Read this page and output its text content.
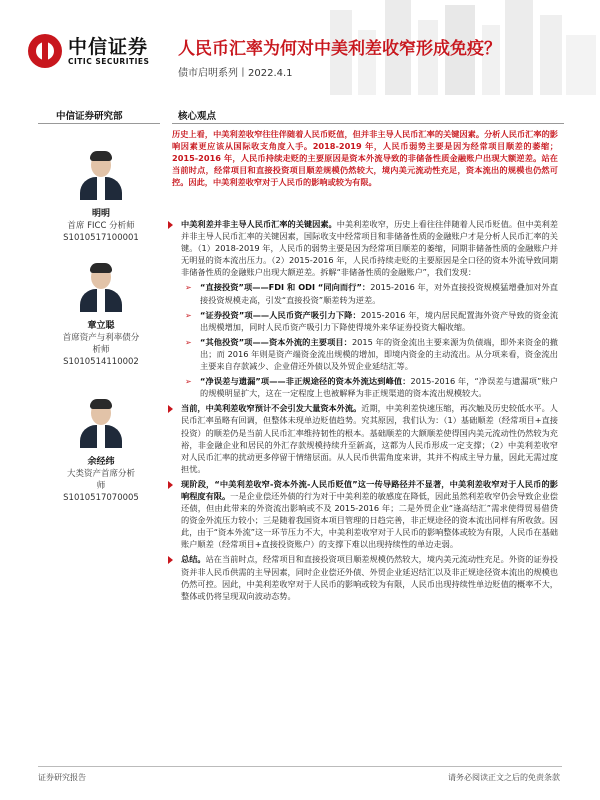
中信证券
CITIC SECURITIES
人民币汇率为何对中美利差收窄形成免疫？
债市启明系列丨2022.4.1
中信证券研究部	核心观点
明明
首席 FICC 分析师
S1010517100001
章立聪
首席资产与利率债分析师
S1010514110002
余经纬
大类资产首席分析师
S1010517070005
历史上看，中美利差收窄往往伴随着人民币贬值，但并非主导人民币汇率的关键因素。分析人民币汇率的影响因素更应该从国际收支角度入手。2018-2019 年，人民币弱势主要是因为经常项目顺差的萎缩；2015-2016 年，人民币持续走贬的主要原因是资本外流导致的非储备性质金融账户出现大额逆差。站在当前时点，经常项目和直接投资项目顺差规模仍然较大，境内美元流动性充足，资本流出的规模也仍然可控。因此，中美利差收窄对于人民币的影响或较为有限。
中美利差并非主导人民币汇率的关键因素。中美利差收窄，历史上看往往伴随着人民币贬值。但中美利差并非主导人民币汇率的关键因素，国际收支中经常项目和非储备性质的金融账户才是分析人民币汇率的关键。（1）2018-2019 年，人民币的弱势主要是因为经常项目顺差的萎缩，同期非储备性质的金融账户并无明显的资本流出压力。（2）2015-2016 年，人民币持续走贬的主要原因是全口径的资本外流导致同期非储备性质的金融账户出现大额逆差。拆解“非储备性质的金融账户”，我们发现：
➢ “直接投资”项——FDI 和 ODI “同向而行”：2015-2016 年，对外直接投资规模猛增叠加对外直接投资规模走高，引发“直接投资”顺差转为逆差。
➢ “证券投资”项——人民币资产吸引力下降：2015-2016 年，境内居民配置海外资产导致的资金流出规模增加，同时人民币资产吸引力下降使得境外来华证券投资大幅收缩。
➢ “其他投资”项——资本外流的主要项目：2015 年的资金流出主要来源为负债端，即外来资金的撤出；而 2016 年则是资产端资金流出规模的增加，即境内资金的主动流出。从分项来看，资金流出主要来自存款减少、企业借还外债以及外贸企业延结汇等。
➢ “净误差与遗漏”项——非正规途径的资本外流达到峰值：2015-2016 年，“净误差与遗漏项”账户的规模明显扩大，这在一定程度上也被解释为非正规渠道的资本流出规模较大。
当前，中美利差收窄预计不会引发大量资本外流。近期，中美利差快速压缩，再次触及历史较低水平。人民币汇率虽略有回调，但整体未现单边贬值趋势。究其原因，我们认为：（1）基础顺差（经常项目+直接投资）的顺差仍是当前人民币汇率维持韧性的根本。基础顺差的大额顺差使得国内美元流动性仍然较为充裕，非金融企业和居民的外汇存款规模持续升至新高，这都为人民币形成一定支撑；（2）中美利差收窄对人民币汇率的扰动更多停留于情绪层面。从人民币供需角度来讲，其并不构成主导力量，因此无需过度担忧。
现阶段，“中美利差收窄-资本外流-人民币贬值”这一传导路径并不显著，中美利差收窄对于人民币的影响程度有限。一是企业偿还外债的行为对于中美利差的敏感度在降低，因此虽然利差收窄仍会导致企业偿还债，但由此带来的外资流出影响或不及 2015-2016 年；二是外贸企业“逢高结汇”需求使得贸易借贷的资金外流压力较小；三是随着我国资本项目管理的日趋完善，非正规途径的资本流出同样有所收敛。因此，由于“资本外流”这一环节压力不大，中美利差收窄对于人民币的影响整体或较为有限，人民币在基础账户顺差（经常项目+直接投资账户）的支撑下难以出现持续性的单边走弱。
总结。站在当前时点，经常项目和直接投资项目顺差规模仍然较大，境内美元流动性充足。外资的证券投资并非人民币供需的主导因素，同时企业偿还外债、外贸企业延迟结汇以及非正规途径资本流出的规模也仍然可控。因此，中美利差收窄对于人民币的影响或较为有限，人民币出现持续性单边贬值的概率不大，整体或仍将呈现双向波动态势。
证券研究报告	请务必阅读正文之后的免责条款
